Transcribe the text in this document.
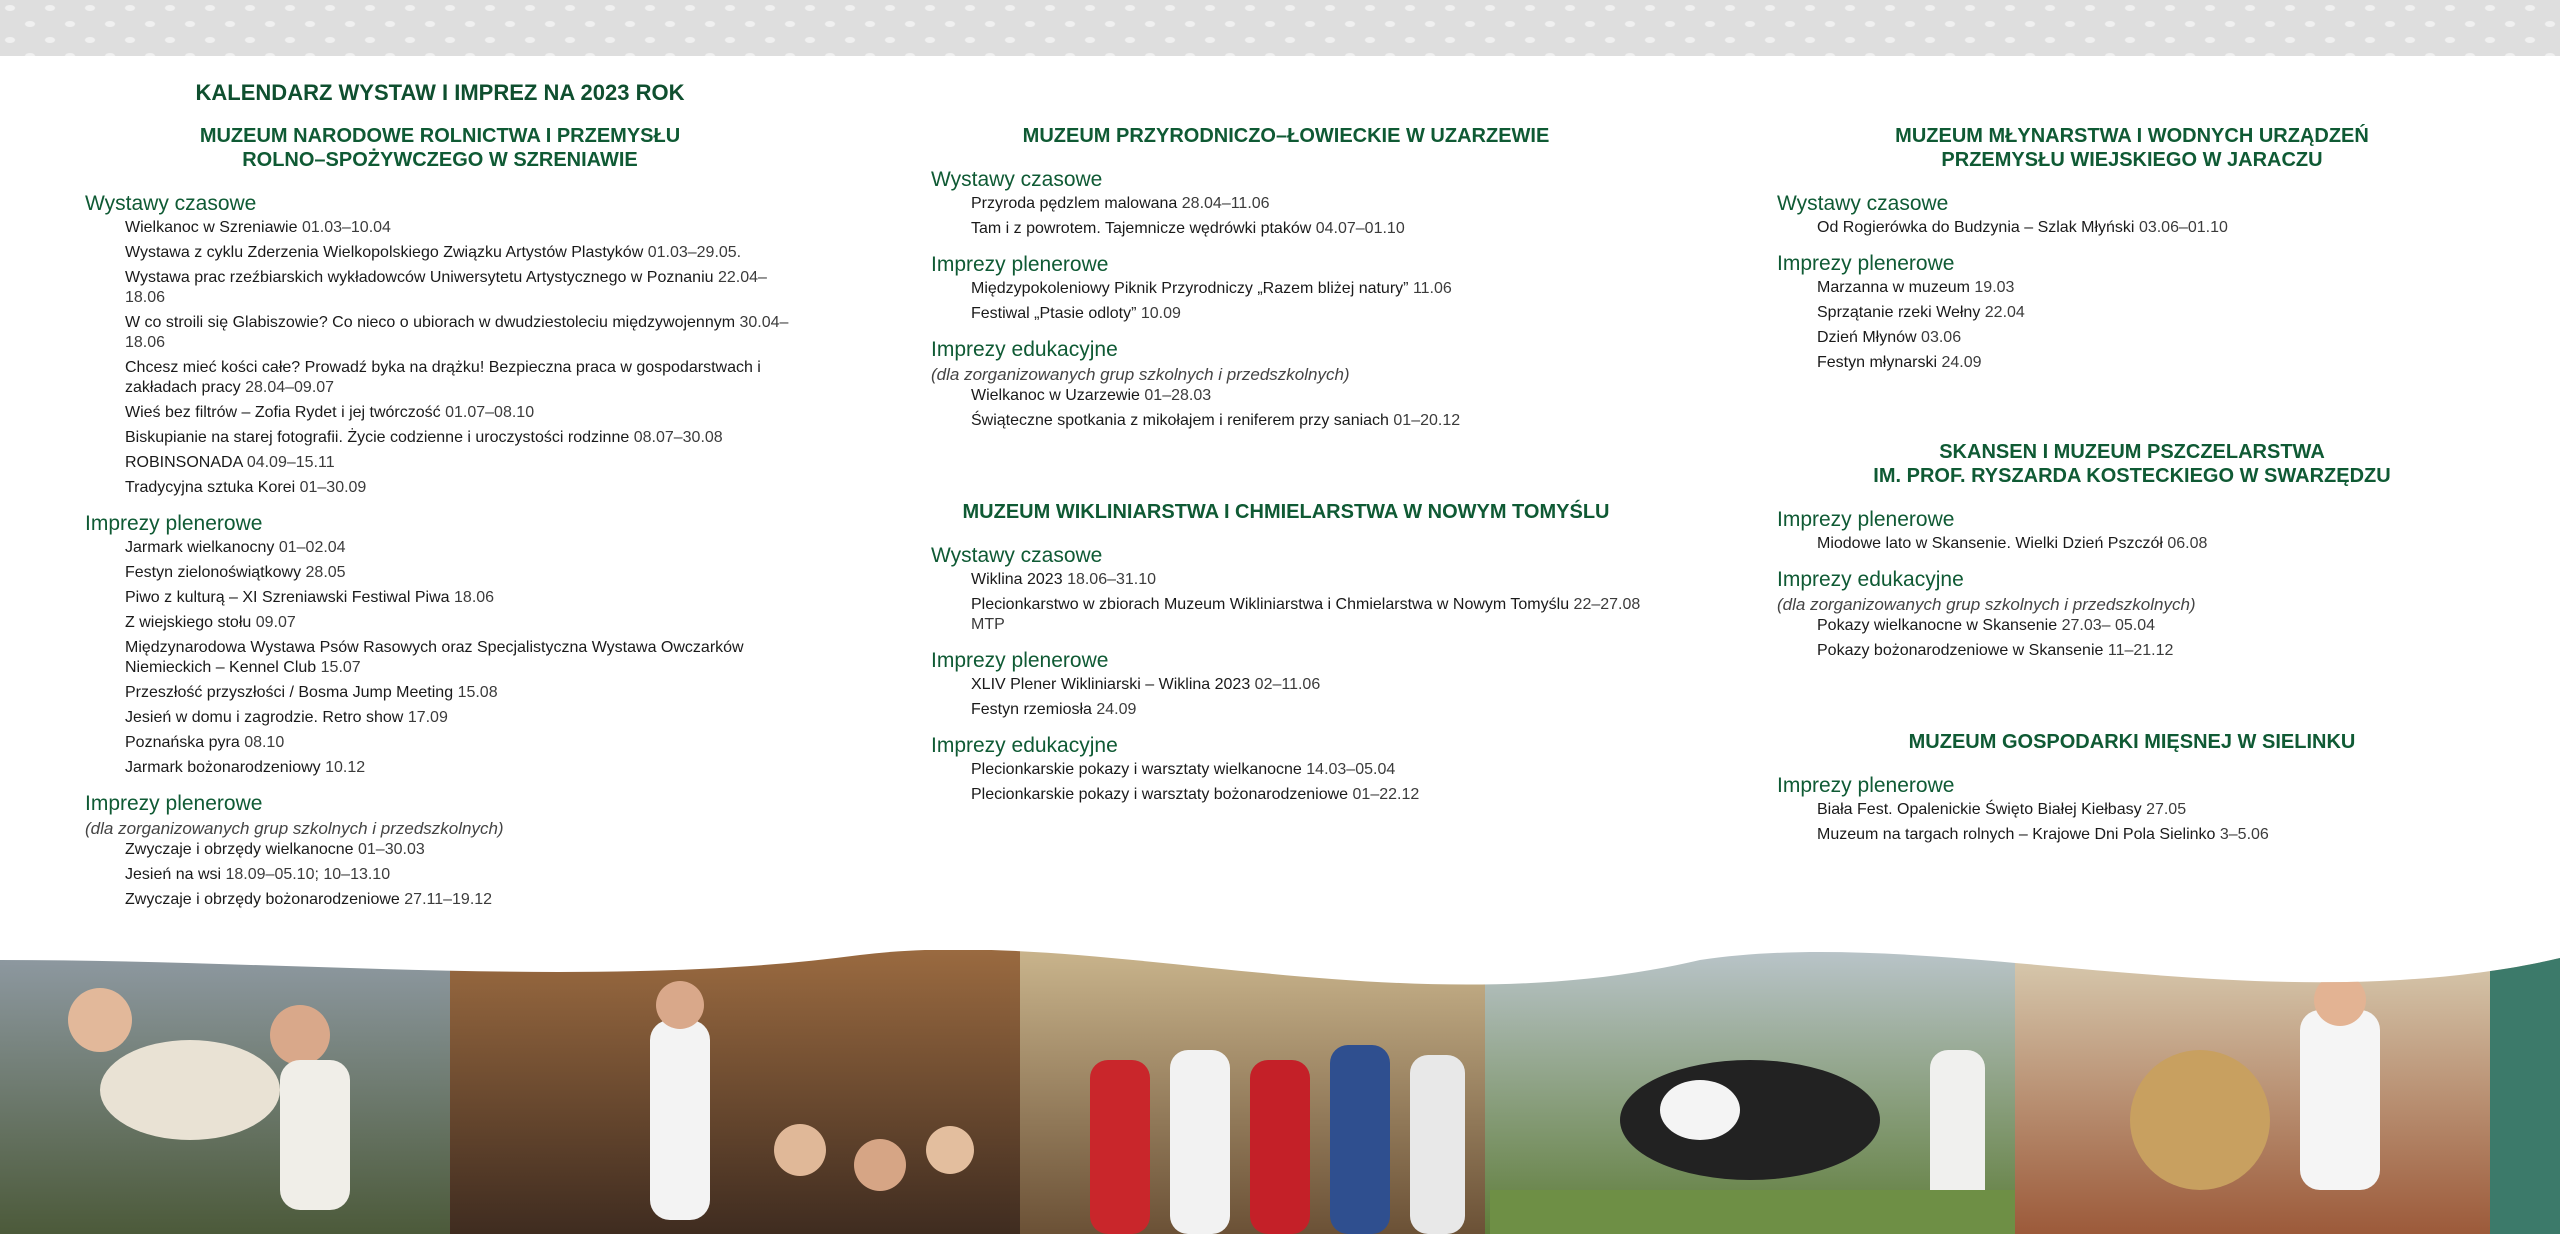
KALENDARZ WYSTAW I IMPREZ NA 2023 ROK
MUZEUM NARODOWE ROLNICTWA I PRZEMYSŁU
ROLNO–SPOŻYWCZEGO W SZRENIAWIE
Wystawy czasowe
Wielkanoc w Szreniawie 01.03–10.04
Wystawa z cyklu Zderzenia Wielkopolskiego Związku Artystów Plastyków 01.03–29.05.
Wystawa prac rzeźbiarskich wykładowców Uniwersytetu Artystycznego w Poznaniu 22.04–18.06
W co stroili się Glabiszowie? Co nieco o ubiorach w dwudziestoleciu międzywojennym 30.04–18.06
Chcesz mieć kości całe? Prowadź byka na drążku! Bezpieczna praca w gospodarstwach i zakładach pracy 28.04–09.07
Wieś bez filtrów – Zofia Rydet i jej twórczość 01.07–08.10
Biskupianie na starej fotografii. Życie codzienne i uroczystości rodzinne 08.07–30.08
ROBINSONADA 04.09–15.11
Tradycyjna sztuka Korei 01–30.09
Imprezy plenerowe
Jarmark wielkanocny 01–02.04
Festyn zielonoświątkowy 28.05
Piwo z kulturą – XI Szreniawski Festiwal Piwa 18.06
Z wiejskiego stołu 09.07
Międzynarodowa Wystawa Psów Rasowych oraz Specjalistyczna Wystawa Owczarków Niemieckich – Kennel Club 15.07
Przeszłość przyszłości / Bosma Jump Meeting 15.08
Jesień w domu i zagrodzie. Retro show 17.09
Poznańska pyra 08.10
Jarmark bożonarodzeniowy 10.12
Imprezy plenerowe

(dla zorganizowanych grup szkolnych i przedszkolnych)

Zwyczaje i obrzędy wielkanocne 01–30.03
Jesień na wsi 18.09–05.10; 10–13.10
Zwyczaje i obrzędy bożonarodzeniowe 27.11–19.12
MUZEUM PRZYRODNICZO–ŁOWIECKIE W UZARZEWIE
Wystawy czasowe
Przyroda pędzlem malowana 28.04–11.06
Tam i z powrotem. Tajemnicze wędrówki ptaków 04.07–01.10
Imprezy plenerowe
Międzypokoleniowy Piknik Przyrodniczy „Razem bliżej natury” 11.06
Festiwal „Ptasie odloty” 10.09
Imprezy edukacyjne

(dla zorganizowanych grup szkolnych i przedszkolnych)

Wielkanoc w Uzarzewie 01–28.03
Świąteczne spotkania z mikołajem i reniferem przy saniach 01–20.12
MUZEUM WIKLINIARSTWA I CHMIELARSTWA W NOWYM TOMYŚLU
Wystawy czasowe
Wiklina 2023 18.06–31.10
Plecionkarstwo w zbiorach Muzeum Wikliniarstwa i Chmielarstwa w Nowym Tomyślu 22–27.08 MTP
Imprezy plenerowe
XLIV Plener Wikliniarski – Wiklina 2023 02–11.06
Festyn rzemiosła 24.09
Imprezy edukacyjne
Plecionkarskie pokazy i warsztaty wielkanocne 14.03–05.04
Plecionkarskie pokazy i warsztaty bożonarodzeniowe 01–22.12
MUZEUM MŁYNARSTWA I WODNYCH URZĄDZEŃ
PRZEMYSŁU WIEJSKIEGO W JARACZU
Wystawy czasowe
Od Rogierówka do Budzynia – Szlak Młyński 03.06–01.10
Imprezy plenerowe
Marzanna w muzeum 19.03
Sprzątanie rzeki Wełny 22.04
Dzień Młynów 03.06
Festyn młynarski 24.09
SKANSEN I MUZEUM PSZCZELARSTWA
IM. PROF. RYSZARDA KOSTECKIEGO W SWARZĘDZU
Imprezy plenerowe
Miodowe lato w Skansenie. Wielki Dzień Pszczół 06.08
Imprezy edukacyjne

(dla zorganizowanych grup szkolnych i przedszkolnych)

Pokazy wielkanocne w Skansenie 27.03– 05.04
Pokazy bożonarodzeniowe w Skansenie 11–21.12
MUZEUM GOSPODARKI MIĘSNEJ W SIELINKU
Imprezy plenerowe
Biała Fest. Opalenickie Święto Białej Kiełbasy 27.05
Muzeum na targach rolnych – Krajowe Dni Pola Sielinko 3–5.06
